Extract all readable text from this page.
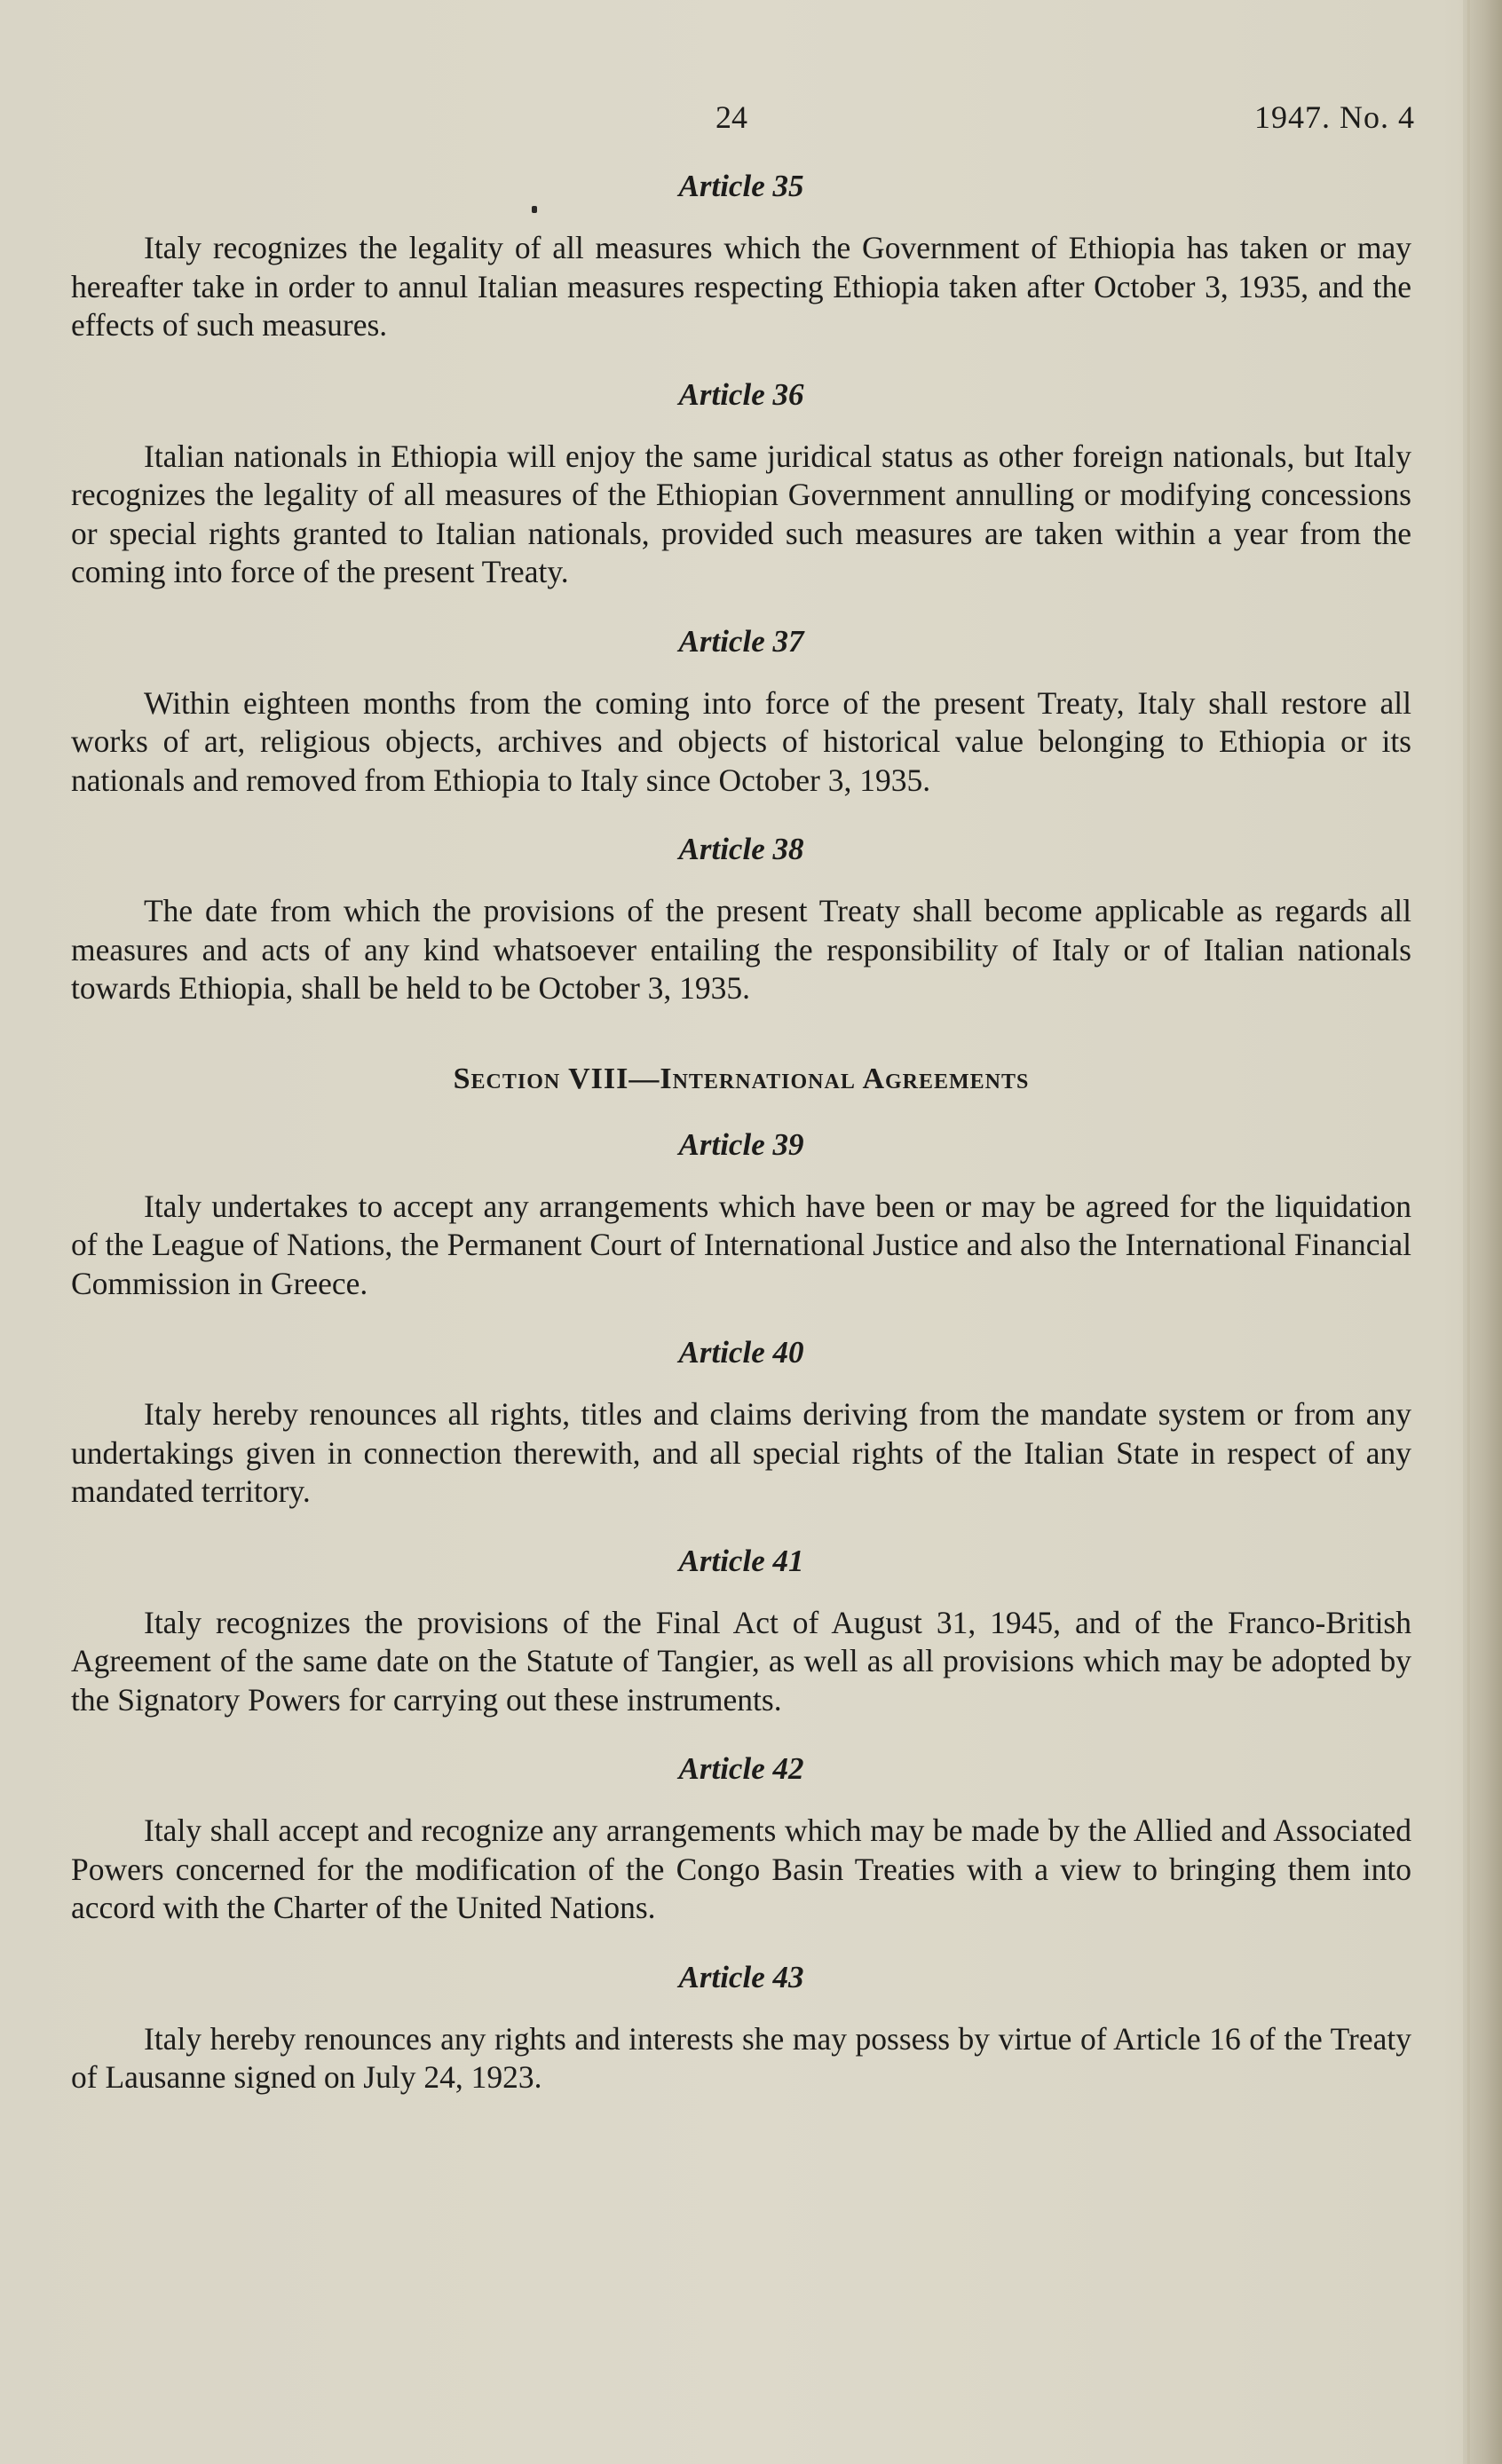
24	1947. No. 4
Article 35

Italy recognizes the legality of all measures which the Government of Ethiopia has taken or may hereafter take in order to annul Italian measures respecting Ethiopia taken after October 3, 1935, and the effects of such measures.

Article 36

Italian nationals in Ethiopia will enjoy the same juridical status as other foreign nationals, but Italy recognizes the legality of all measures of the Ethiopian Government annulling or modifying concessions or special rights granted to Italian nationals, provided such measures are taken within a year from the coming into force of the present Treaty.

Article 37

Within eighteen months from the coming into force of the present Treaty, Italy shall restore all works of art, religious objects, archives and objects of historical value belonging to Ethiopia or its nationals and removed from Ethiopia to Italy since October 3, 1935.

Article 38

The date from which the provisions of the present Treaty shall become applicable as regards all measures and acts of any kind whatsoever entailing the responsibility of Italy or of Italian nationals towards Ethiopia, shall be held to be October 3, 1935.

Section VIII—International Agreements
Article 39

Italy undertakes to accept any arrangements which have been or may be agreed for the liquidation of the League of Nations, the Permanent Court of International Justice and also the International Financial Commission in Greece.

Article 40

Italy hereby renounces all rights, titles and claims deriving from the mandate system or from any undertakings given in connection therewith, and all special rights of the Italian State in respect of any mandated territory.

Article 41

Italy recognizes the provisions of the Final Act of August 31, 1945, and of the Franco-British Agreement of the same date on the Statute of Tangier, as well as all provisions which may be adopted by the Signatory Powers for carrying out these instruments.

Article 42

Italy shall accept and recognize any arrangements which may be made by the Allied and Associated Powers concerned for the modification of the Congo Basin Treaties with a view to bringing them into accord with the Charter of the United Nations.

Article 43

Italy hereby renounces any rights and interests she may possess by virtue of Article 16 of the Treaty of Lausanne signed on July 24, 1923.
